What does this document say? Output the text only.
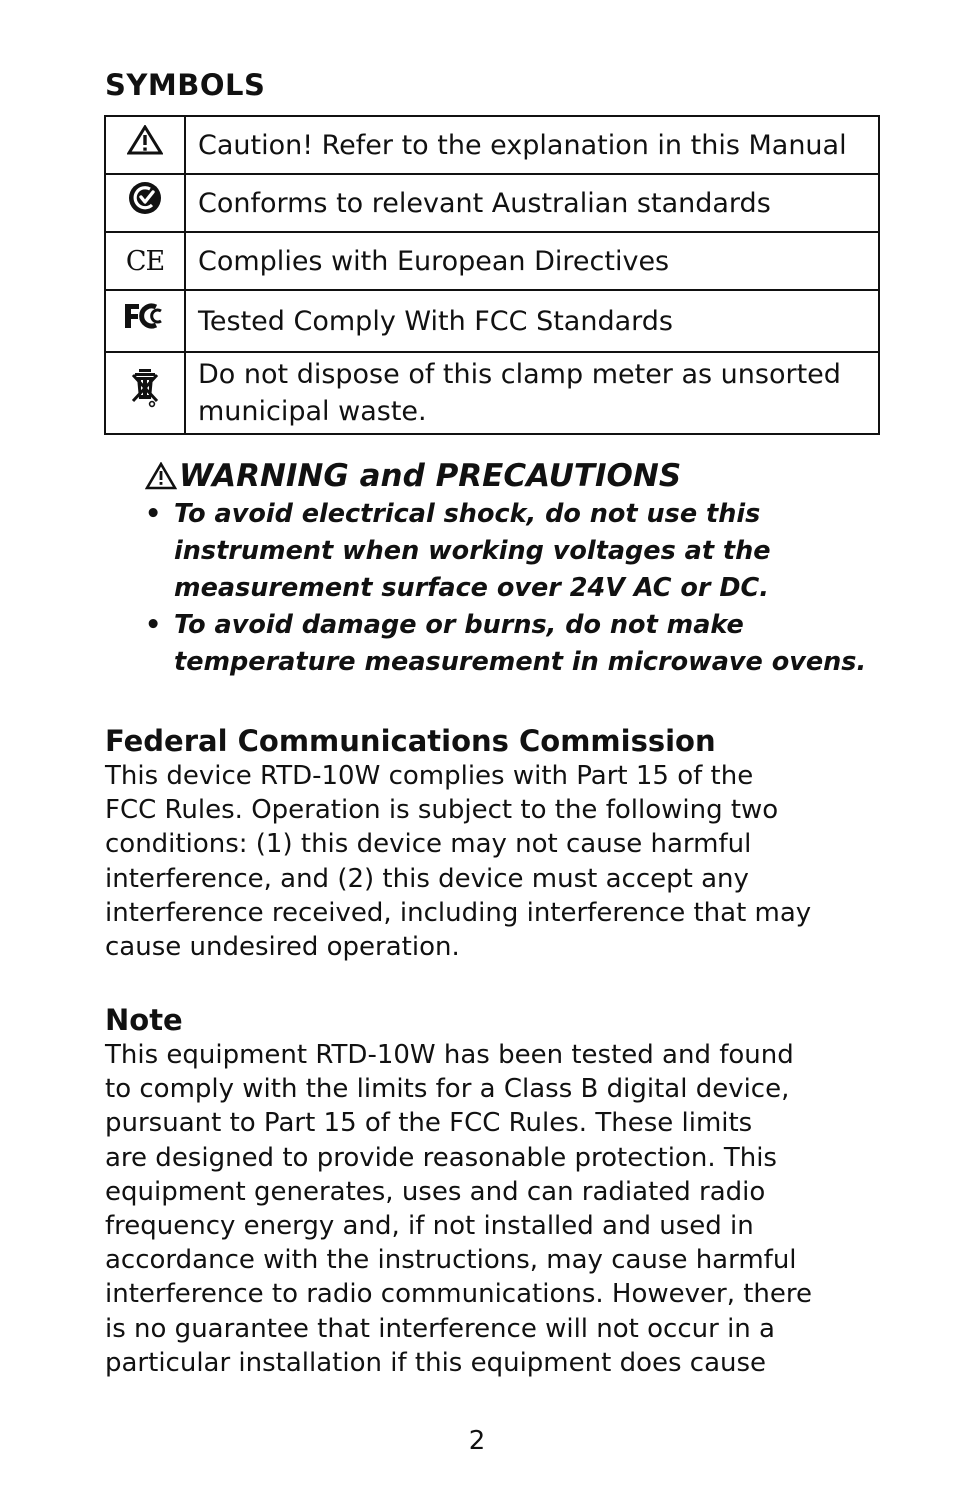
SYMBOLS
	Caution! Refer to the explanation in this Manual
	Conforms to relevant Australian standards
CE	Complies with European Directives
	Tested Comply With FCC Standards
	Do not dispose of this clamp meter as unsorted municipal waste.
WARNING and PRECAUTIONS
• To avoid electrical shock, do not use this instrument when working voltages at the measurement surface over 24V AC or DC.
• To avoid damage or burns, do not make temperature measurement in microwave ovens.
Federal Communications Commission

This device RTD-10W complies with Part 15 of the
FCC Rules. Operation is subject to the following two
conditions: (1) this device may not cause harmful
interference, and (2) this device must accept any
interference received, including interference that may
cause undesired operation.

Note

This equipment RTD-10W has been tested and found
to comply with the limits for a Class B digital device,
pursuant to Part 15 of the FCC Rules. These limits
are designed to provide reasonable protection. This
equipment generates, uses and can radiated radio
frequency energy and, if not installed and used in
accordance with the instructions, may cause harmful
interference to radio communications. However, there
is no guarantee that interference will not occur in a
particular installation if this equipment does cause

2
